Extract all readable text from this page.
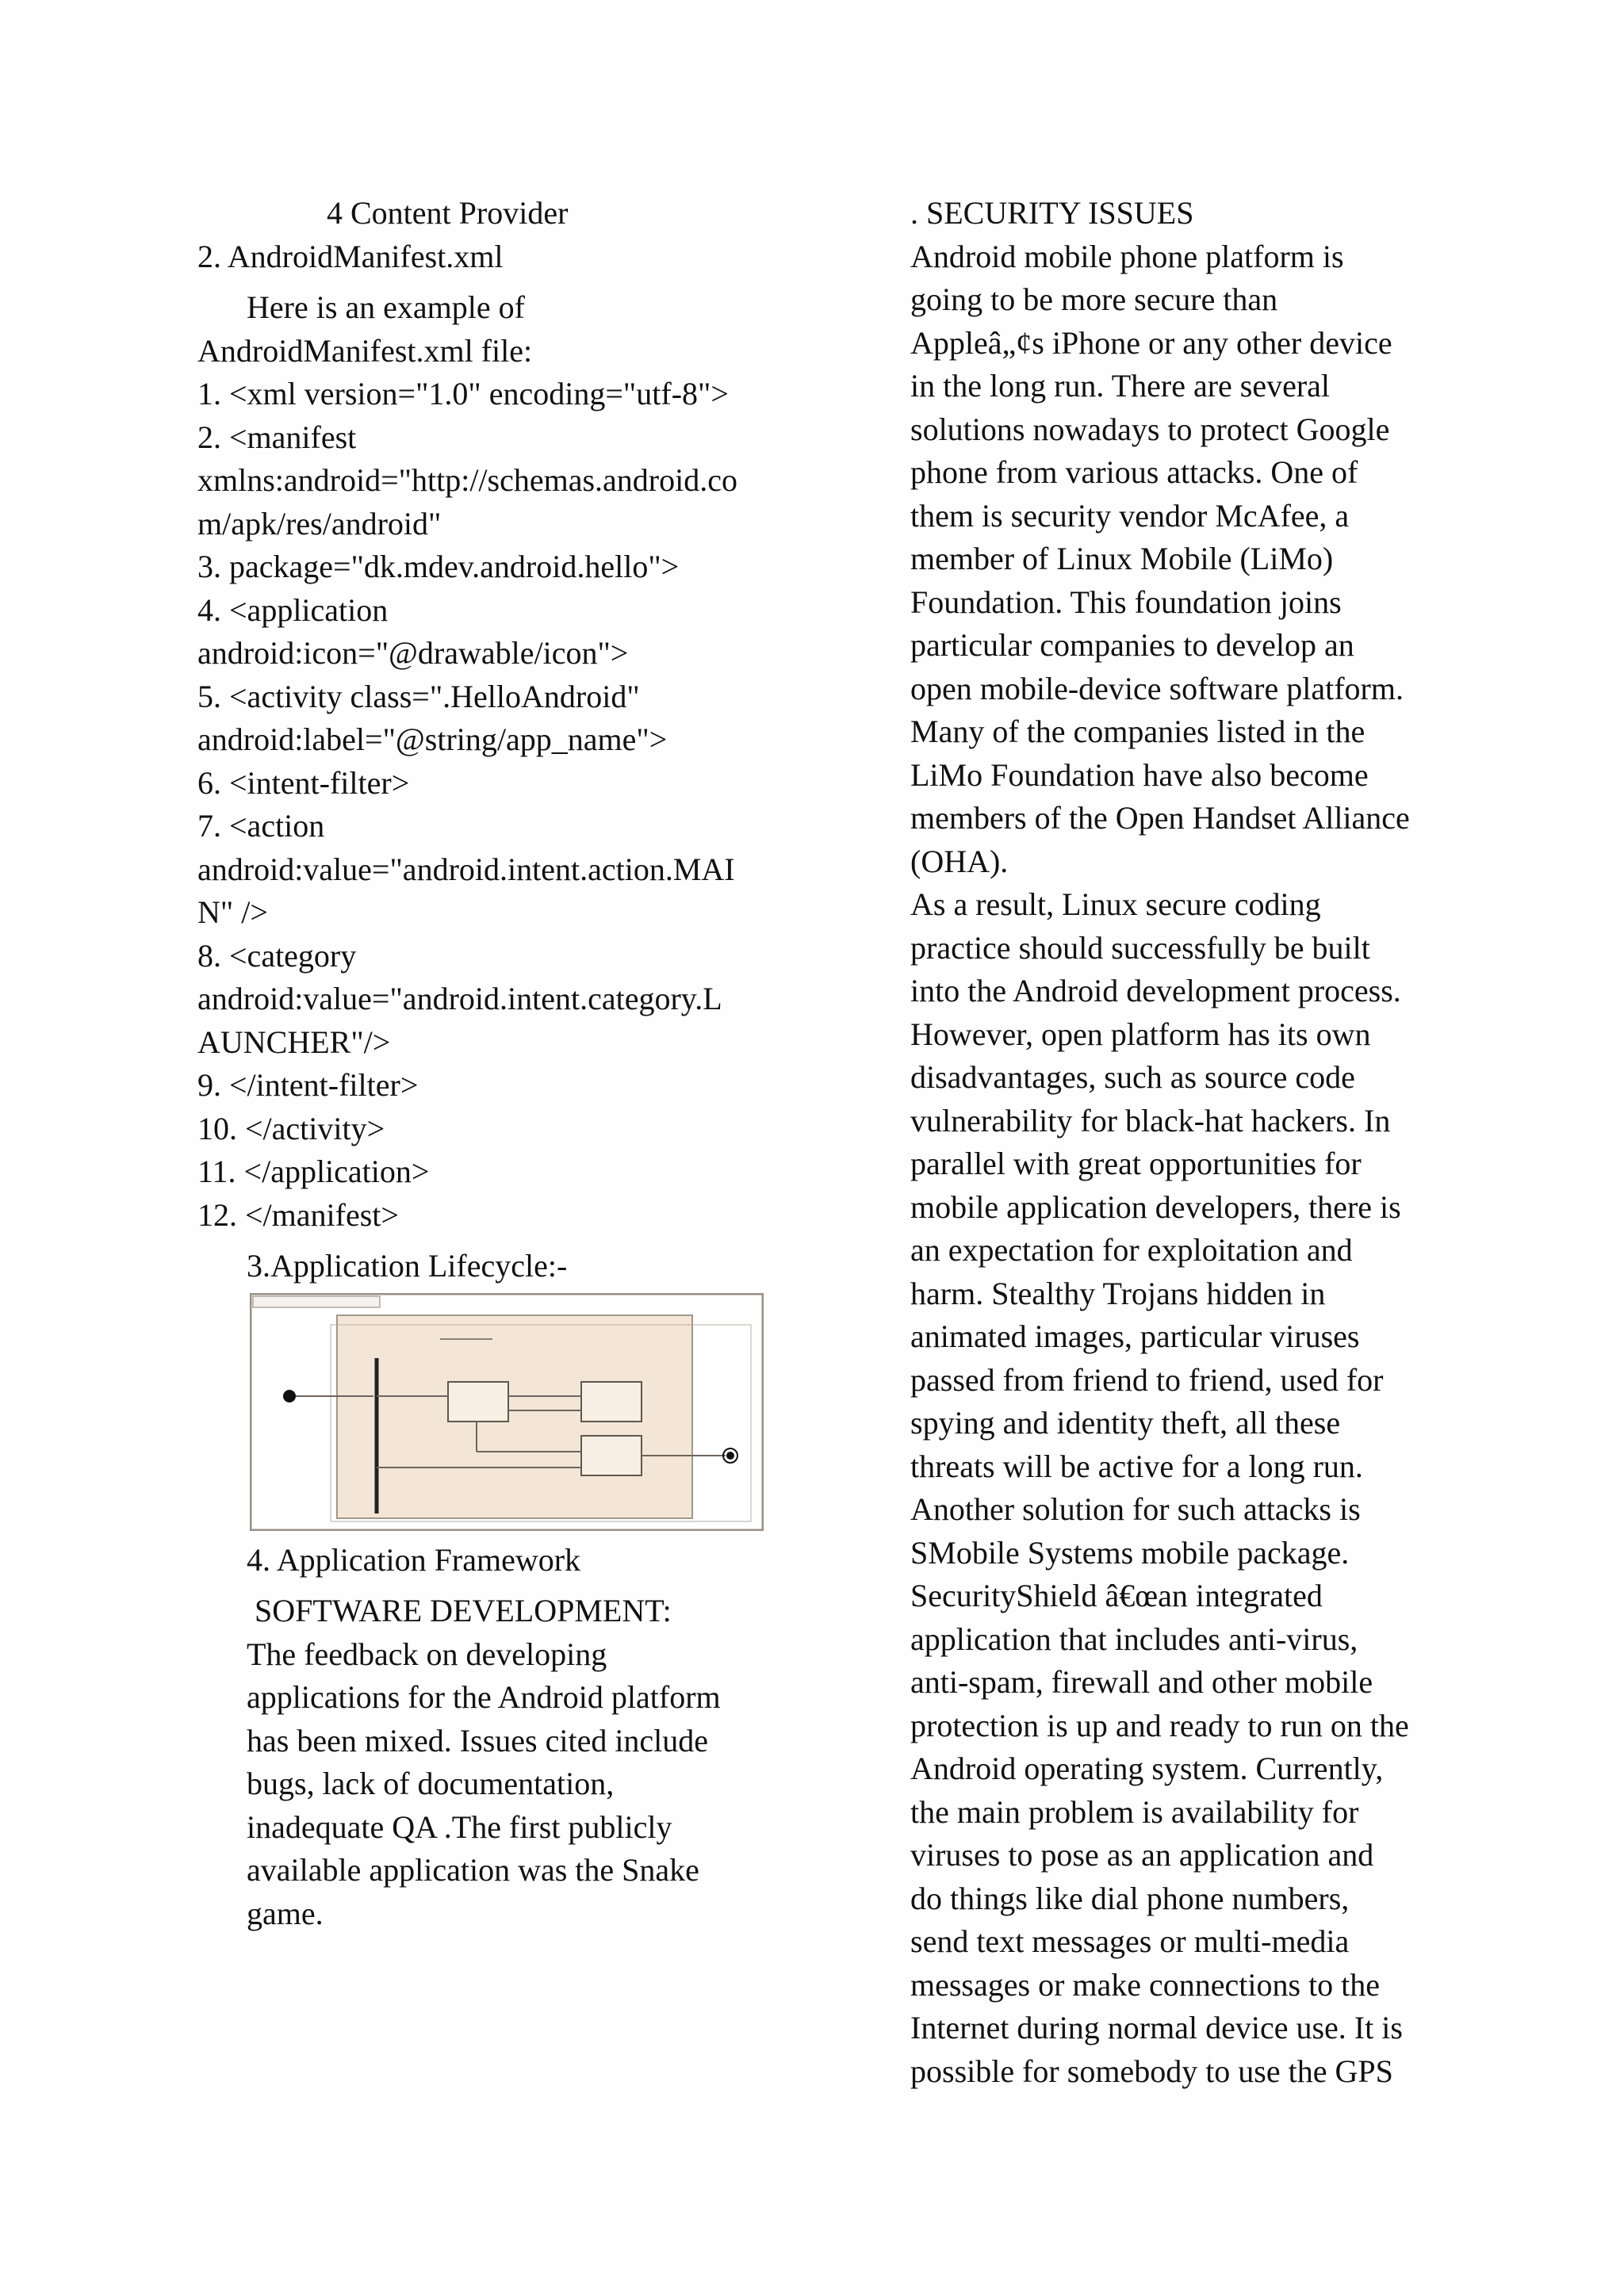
4 Content Provider
2. AndroidManifest.xml
Here is an example of
AndroidManifest.xml file:
1. <xml version="1.0" encoding="utf-8">
2. <manifest
xmlns:android="http://schemas.android.co
m/apk/res/android"
3. package="dk.mdev.android.hello">
4. <application
android:icon="@drawable/icon">
5. <activity class=".HelloAndroid"
android:label="@string/app_name">
6. <intent-filter>
7. <action
android:value="android.intent.action.MAI
N" />
8. <category
android:value="android.intent.category.L
AUNCHER"/>
9. </intent-filter>
10. </activity>
11. </application>
12. </manifest>
3.Application Lifecycle:-
4. Application Framework
SOFTWARE DEVELOPMENT:
The feedback on developing
applications for the Android platform
has been mixed. Issues cited include
bugs, lack of documentation,
inadequate QA .The first publicly
available application was the Snake
game.
. SECURITY ISSUES
Android mobile phone platform is
going to be more secure than
Appleâ„¢s iPhone or any other device
in the long run. There are several
solutions nowadays to protect Google
phone from various attacks. One of
them is security vendor McAfee, a
member of Linux Mobile (LiMo)
Foundation. This foundation joins
particular companies to develop an
open mobile-device software platform.
Many of the companies listed in the
LiMo Foundation have also become
members of the Open Handset Alliance
(OHA).
As a result, Linux secure coding
practice should successfully be built
into the Android development process.
However, open platform has its own
disadvantages, such as source code
vulnerability for black-hat hackers. In
parallel with great opportunities for
mobile application developers, there is
an expectation for exploitation and
harm. Stealthy Trojans hidden in
animated images, particular viruses
passed from friend to friend, used for
spying and identity theft, all these
threats will be active for a long run.
Another solution for such attacks is
SMobile Systems mobile package.
SecurityShield â€œan integrated
application that includes anti-virus,
anti-spam, firewall and other mobile
protection is up and ready to run on the
Android operating system. Currently,
the main problem is availability for
viruses to pose as an application and
do things like dial phone numbers,
send text messages or multi-media
messages or make connections to the
Internet during normal device use. It is
possible for somebody to use the GPS
